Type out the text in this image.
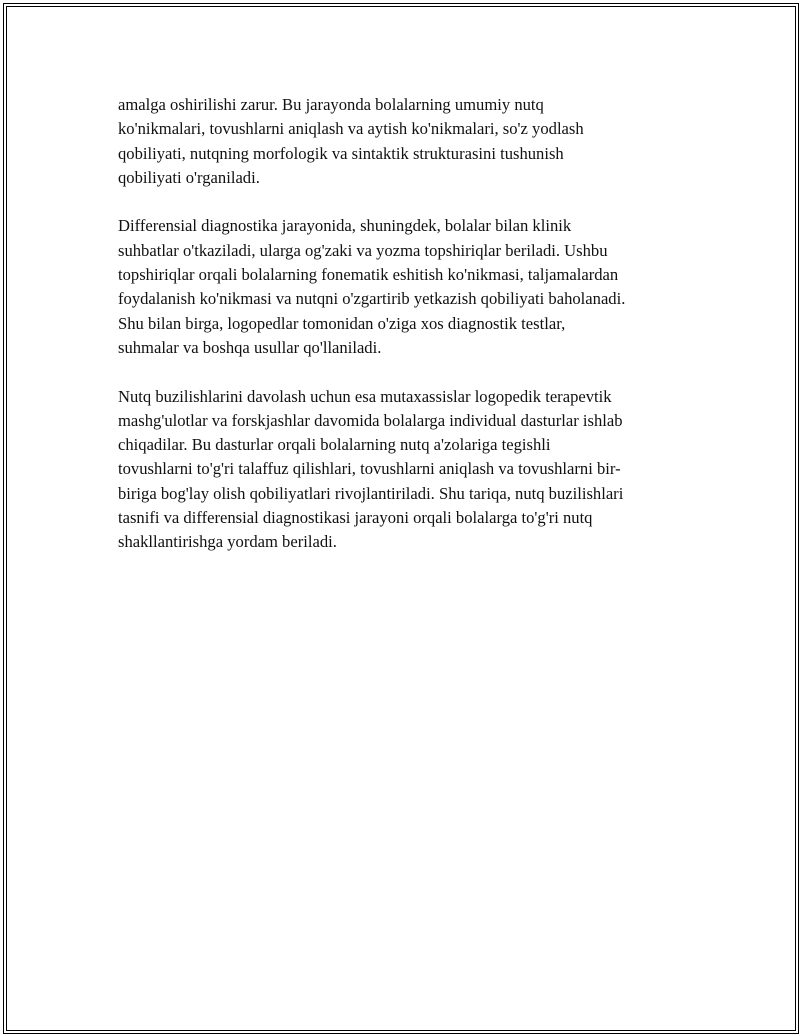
amalga oshirilishi zarur. Bu jarayonda bolalarning umumiy nutq
ko'nikmalari, tovushlarni aniqlash va aytish ko'nikmalari, so'z yodlash
qobiliyati, nutqning morfologik va sintaktik strukturasini tushunish
qobiliyati o'rganiladi.

Differensial diagnostika jarayonida, shuningdek, bolalar bilan klinik
suhbatlar o'tkaziladi, ularga og'zaki va yozma topshiriqlar beriladi. Ushbu
topshiriqlar orqali bolalarning fonematik eshitish ko'nikmasi, taljamalardan
foydalanish ko'nikmasi va nutqni o'zgartirib yetkazish qobiliyati baholanadi.
Shu bilan birga, logopedlar tomonidan o'ziga xos diagnostik testlar,
suhmalar va boshqa usullar qo'llaniladi.

Nutq buzilishlarini davolash uchun esa mutaxassislar logopedik terapevtik
mashg'ulotlar va forskjashlar davomida bolalarga individual dasturlar ishlab
chiqadilar. Bu dasturlar orqali bolalarning nutq a'zolariga tegishli
tovushlarni to'g'ri talaffuz qilishlari, tovushlarni aniqlash va tovushlarni bir-
biriga bog'lay olish qobiliyatlari rivojlantiriladi. Shu tariqa, nutq buzilishlari
tasnifi va differensial diagnostikasi jarayoni orqali bolalarga to'g'ri nutq
shakllantirishga yordam beriladi.
